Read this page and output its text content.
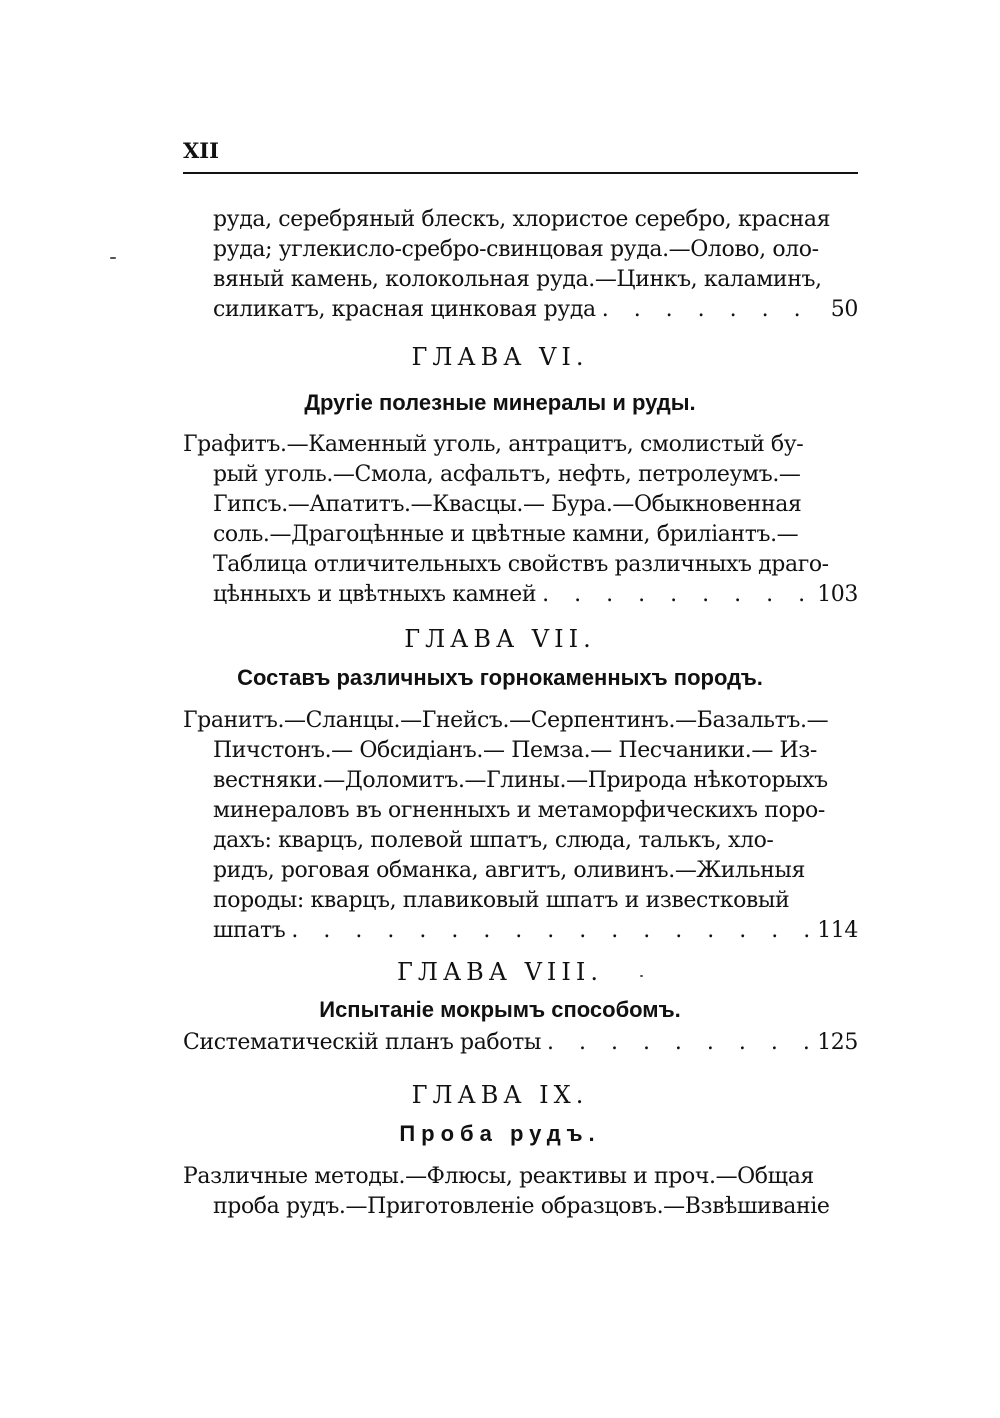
XII
руда, серебряный блескъ, хлористое серебро, красная
руда; углекисло-сребро-свинцовая руда.—Олово, оло-
вяный камень, колокольная руда.—Цинкъ, каламинъ,
силикатъ, красная цинковая руда . . .	50
ГЛАВА VI.
Другіе полезные минералы и руды.
Графитъ.—Каменный уголь, антрацитъ, смолистый бу-
рый уголь.—Смола, асфальтъ, нефть, петролеумъ.—
Гипсъ.—Апатитъ.—Квасцы.— Бура.—Обыкновенная
соль.—Драгоцѣнные и цвѣтные камни, бриліантъ.—
Таблица отличительныхъ свойствъ различныхъ драго-
цѣнныхъ и цвѣтныхъ камней . . .	103
ГЛАВА VII.
Составъ различныхъ горнокаменныхъ породъ.
Гранитъ.—Сланцы.—Гнейсъ.—Серпентинъ.—Базальтъ.—
Пичстонъ.— Обсидіанъ.— Пемза.— Песчаники.— Из-
вестняки.—Доломитъ.—Глины.—Природа нѣкоторыхъ
минераловъ въ огненныхъ и метаморфическихъ поро-
дахъ: кварцъ, полевой шпатъ, слюда, талькъ, хло-
ридъ, роговая обманка, авгитъ, оливинъ.—Жильныя
породы: кварцъ, плавиковый шпатъ и известковый
шпатъ . . .	114
ГЛАВА VIII.
Испытаніе мокрымъ способомъ.
Систематическій планъ работы . . .	125
ГЛАВА IX.
Проба рудъ.
Различные методы.—Флюсы, реактивы и проч.—Общая
проба рудъ.—Приготовленіе образцовъ.—Взвѣшиваніе
